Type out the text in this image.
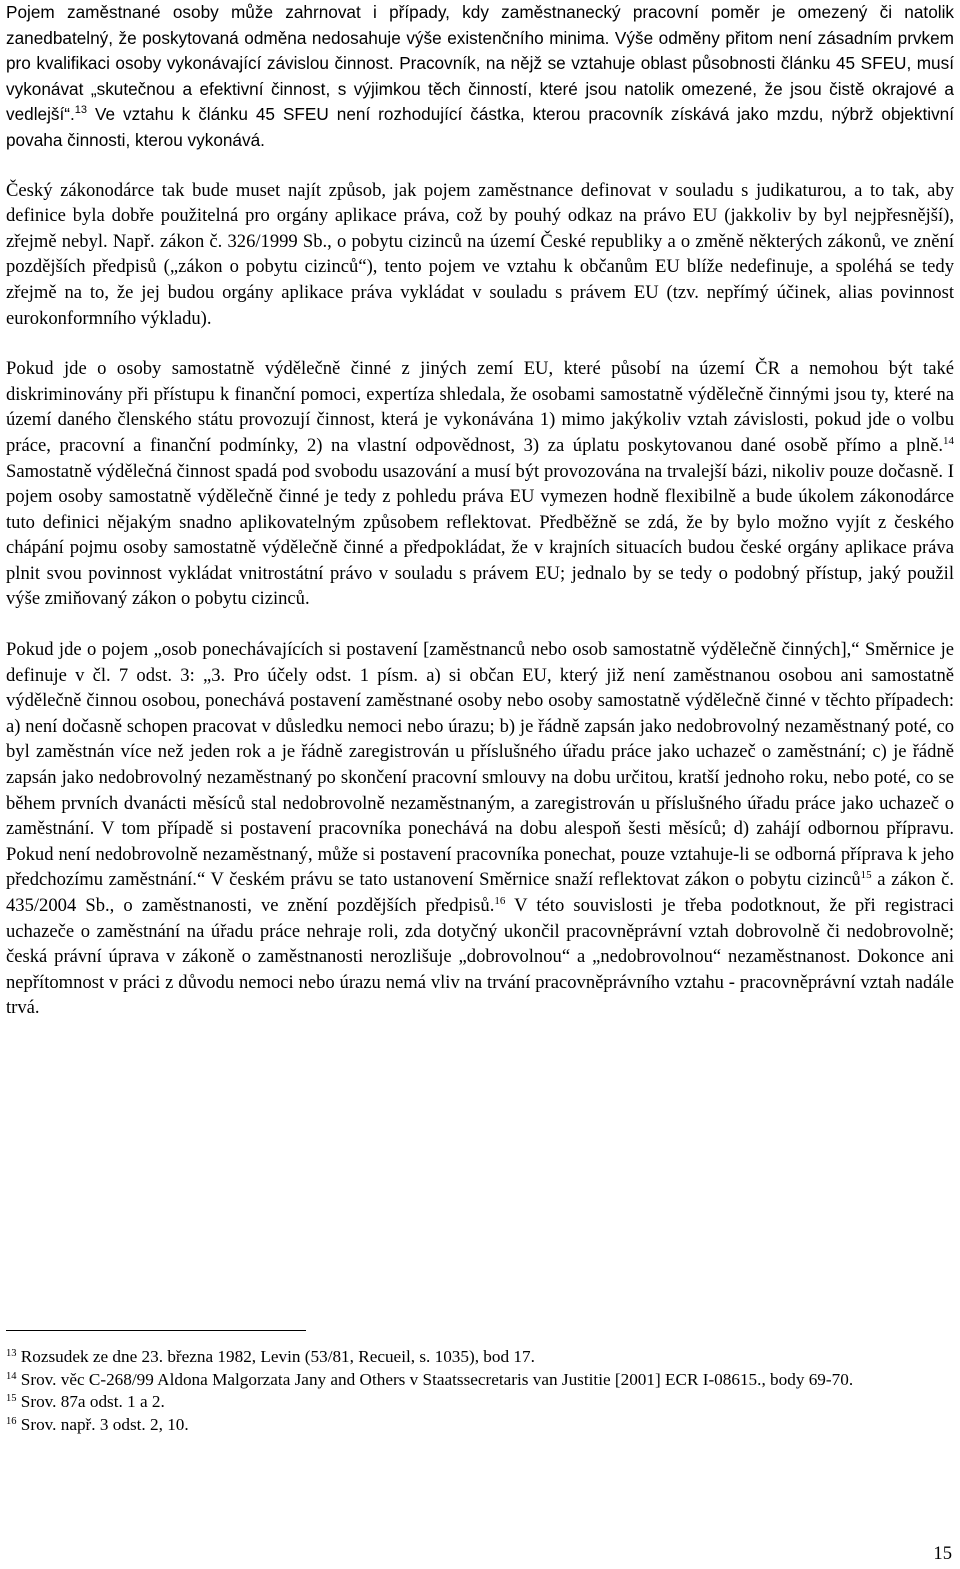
Pojem zaměstnané osoby může zahrnovat i případy, kdy zaměstnanecký pracovní poměr je omezený či natolik zanedbatelný, že poskytovaná odměna nedosahuje výše existenčního minima. Výše odměny přitom není zásadním prvkem pro kvalifikaci osoby vykonávající závislou činnost. Pracovník, na nějž se vztahuje oblast působnosti článku 45 SFEU, musí vykonávat „skutečnou a efektivní činnost, s výjimkou těch činností, které jsou natolik omezené, že jsou čistě okrajové a vedlejší“.$^{13}$ Ve vztahu k článku 45 SFEU není rozhodující částka, kterou pracovník získává jako mzdu, nýbrž objektivní povaha činnosti, kterou vykonává.

Český zákonodárce tak bude muset najít způsob, jak pojem zaměstnance definovat v souladu s judikaturou, a to tak, aby definice byla dobře použitelná pro orgány aplikace práva, což by pouhý odkaz na právo EU (jakkoliv by byl nejpřesnější), zřejmě nebyl. Např. zákon č. 326/1999 Sb., o pobytu cizinců na území České republiky a o změně některých zákonů, ve znění pozdějších předpisů („zákon o pobytu cizinců“), tento pojem ve vztahu k občanům EU blíže nedefinuje, a spoléhá se tedy zřejmě na to, že jej budou orgány aplikace práva vykládat v souladu s právem EU (tzv. nepřímý účinek, alias povinnost eurokonformního výkladu).

Pokud jde o osoby samostatně výdělečně činné z jiných zemí EU, které působí na území ČR a nemohou být také diskriminovány při přístupu k finanční pomoci, expertíza shledala, že osobami samostatně výdělečně činnými jsou ty, které na území daného členského státu provozují činnost, která je vykonávána 1) mimo jakýkoliv vztah závislosti, pokud jde o volbu práce, pracovní a finanční podmínky, 2) na vlastní odpovědnost, 3) za úplatu poskytovanou dané osobě přímo a plně.$^{14}$ Samostatně výdělečná činnost spadá pod svobodu usazování a musí být provozována na trvalejší bázi, nikoliv pouze dočasně. I pojem osoby samostatně výdělečně činné je tedy z pohledu práva EU vymezen hodně flexibilně a bude úkolem zákonodárce tuto definici nějakým snadno aplikovatelným způsobem reflektovat. Předběžně se zdá, že by bylo možno vyjít z českého chápání pojmu osoby samostatně výdělečně činné a předpokládat, že v krajních situacích budou české orgány aplikace práva plnit svou povinnost vykládat vnitrostátní právo v souladu s právem EU; jednalo by se tedy o podobný přístup, jaký použil výše zmiňovaný zákon o pobytu cizinců.

Pokud jde o pojem „osob ponechávajících si postavení [zaměstnanců nebo osob samostatně výdělečně činných],“ Směrnice je definuje v čl. 7 odst. 3: „3. Pro účely odst. 1 písm. a) si občan EU, který již není zaměstnanou osobou ani samostatně výdělečně činnou osobou, ponechává postavení zaměstnané osoby nebo osoby samostatně výdělečně činné v těchto případech: a) není dočasně schopen pracovat v důsledku nemoci nebo úrazu; b) je řádně zapsán jako nedobrovolný nezaměstnaný poté, co byl zaměstnán více než jeden rok a je řádně zaregistrován u příslušného úřadu práce jako uchazeč o zaměstnání; c) je řádně zapsán jako nedobrovolný nezaměstnaný po skončení pracovní smlouvy na dobu určitou, kratší jednoho roku, nebo poté, co se během prvních dvanácti měsíců stal nedobrovolně nezaměstnaným, a zaregistrován u příslušného úřadu práce jako uchazeč o zaměstnání. V tom případě si postavení pracovníka ponechává na dobu alespoň šesti měsíců; d) zahájí odbornou přípravu. Pokud není nedobrovolně nezaměstnaný, může si postavení pracovníka ponechat, pouze vztahuje-li se odborná příprava k jeho předchozímu zaměstnání.“ V českém právu se tato ustanovení Směrnice snaží reflektovat zákon o pobytu cizinců$^{15}$ a zákon č. 435/2004 Sb., o zaměstnanosti, ve znění pozdějších předpisů.$^{16}$ V této souvislosti je třeba podotknout, že při registraci uchazeče o zaměstnání na úřadu práce nehraje roli, zda dotyčný ukončil pracovněprávní vztah dobrovolně či nedobrovolně; česká právní úprava v zákoně o zaměstnanosti nerozlišuje „dobrovolnou“ a „nedobrovolnou“ nezaměstnanost. Dokonce ani nepřítomnost v práci z důvodu nemoci nebo úrazu nemá vliv na trvání pracovněprávního vztahu - pracovněprávní vztah nadále trvá.

$^{13}$ Rozsudek ze dne 23. března 1982, Levin (53/81, Recueil, s. 1035), bod 17.

$^{14}$ Srov. věc C-268/99 Aldona Malgorzata Jany and Others v Staatssecretaris van Justitie [2001] ECR I-08615., body 69-70.

$^{15}$ Srov. 87a odst. 1 a 2.

$^{16}$ Srov. např. 3 odst. 2, 10.

15
